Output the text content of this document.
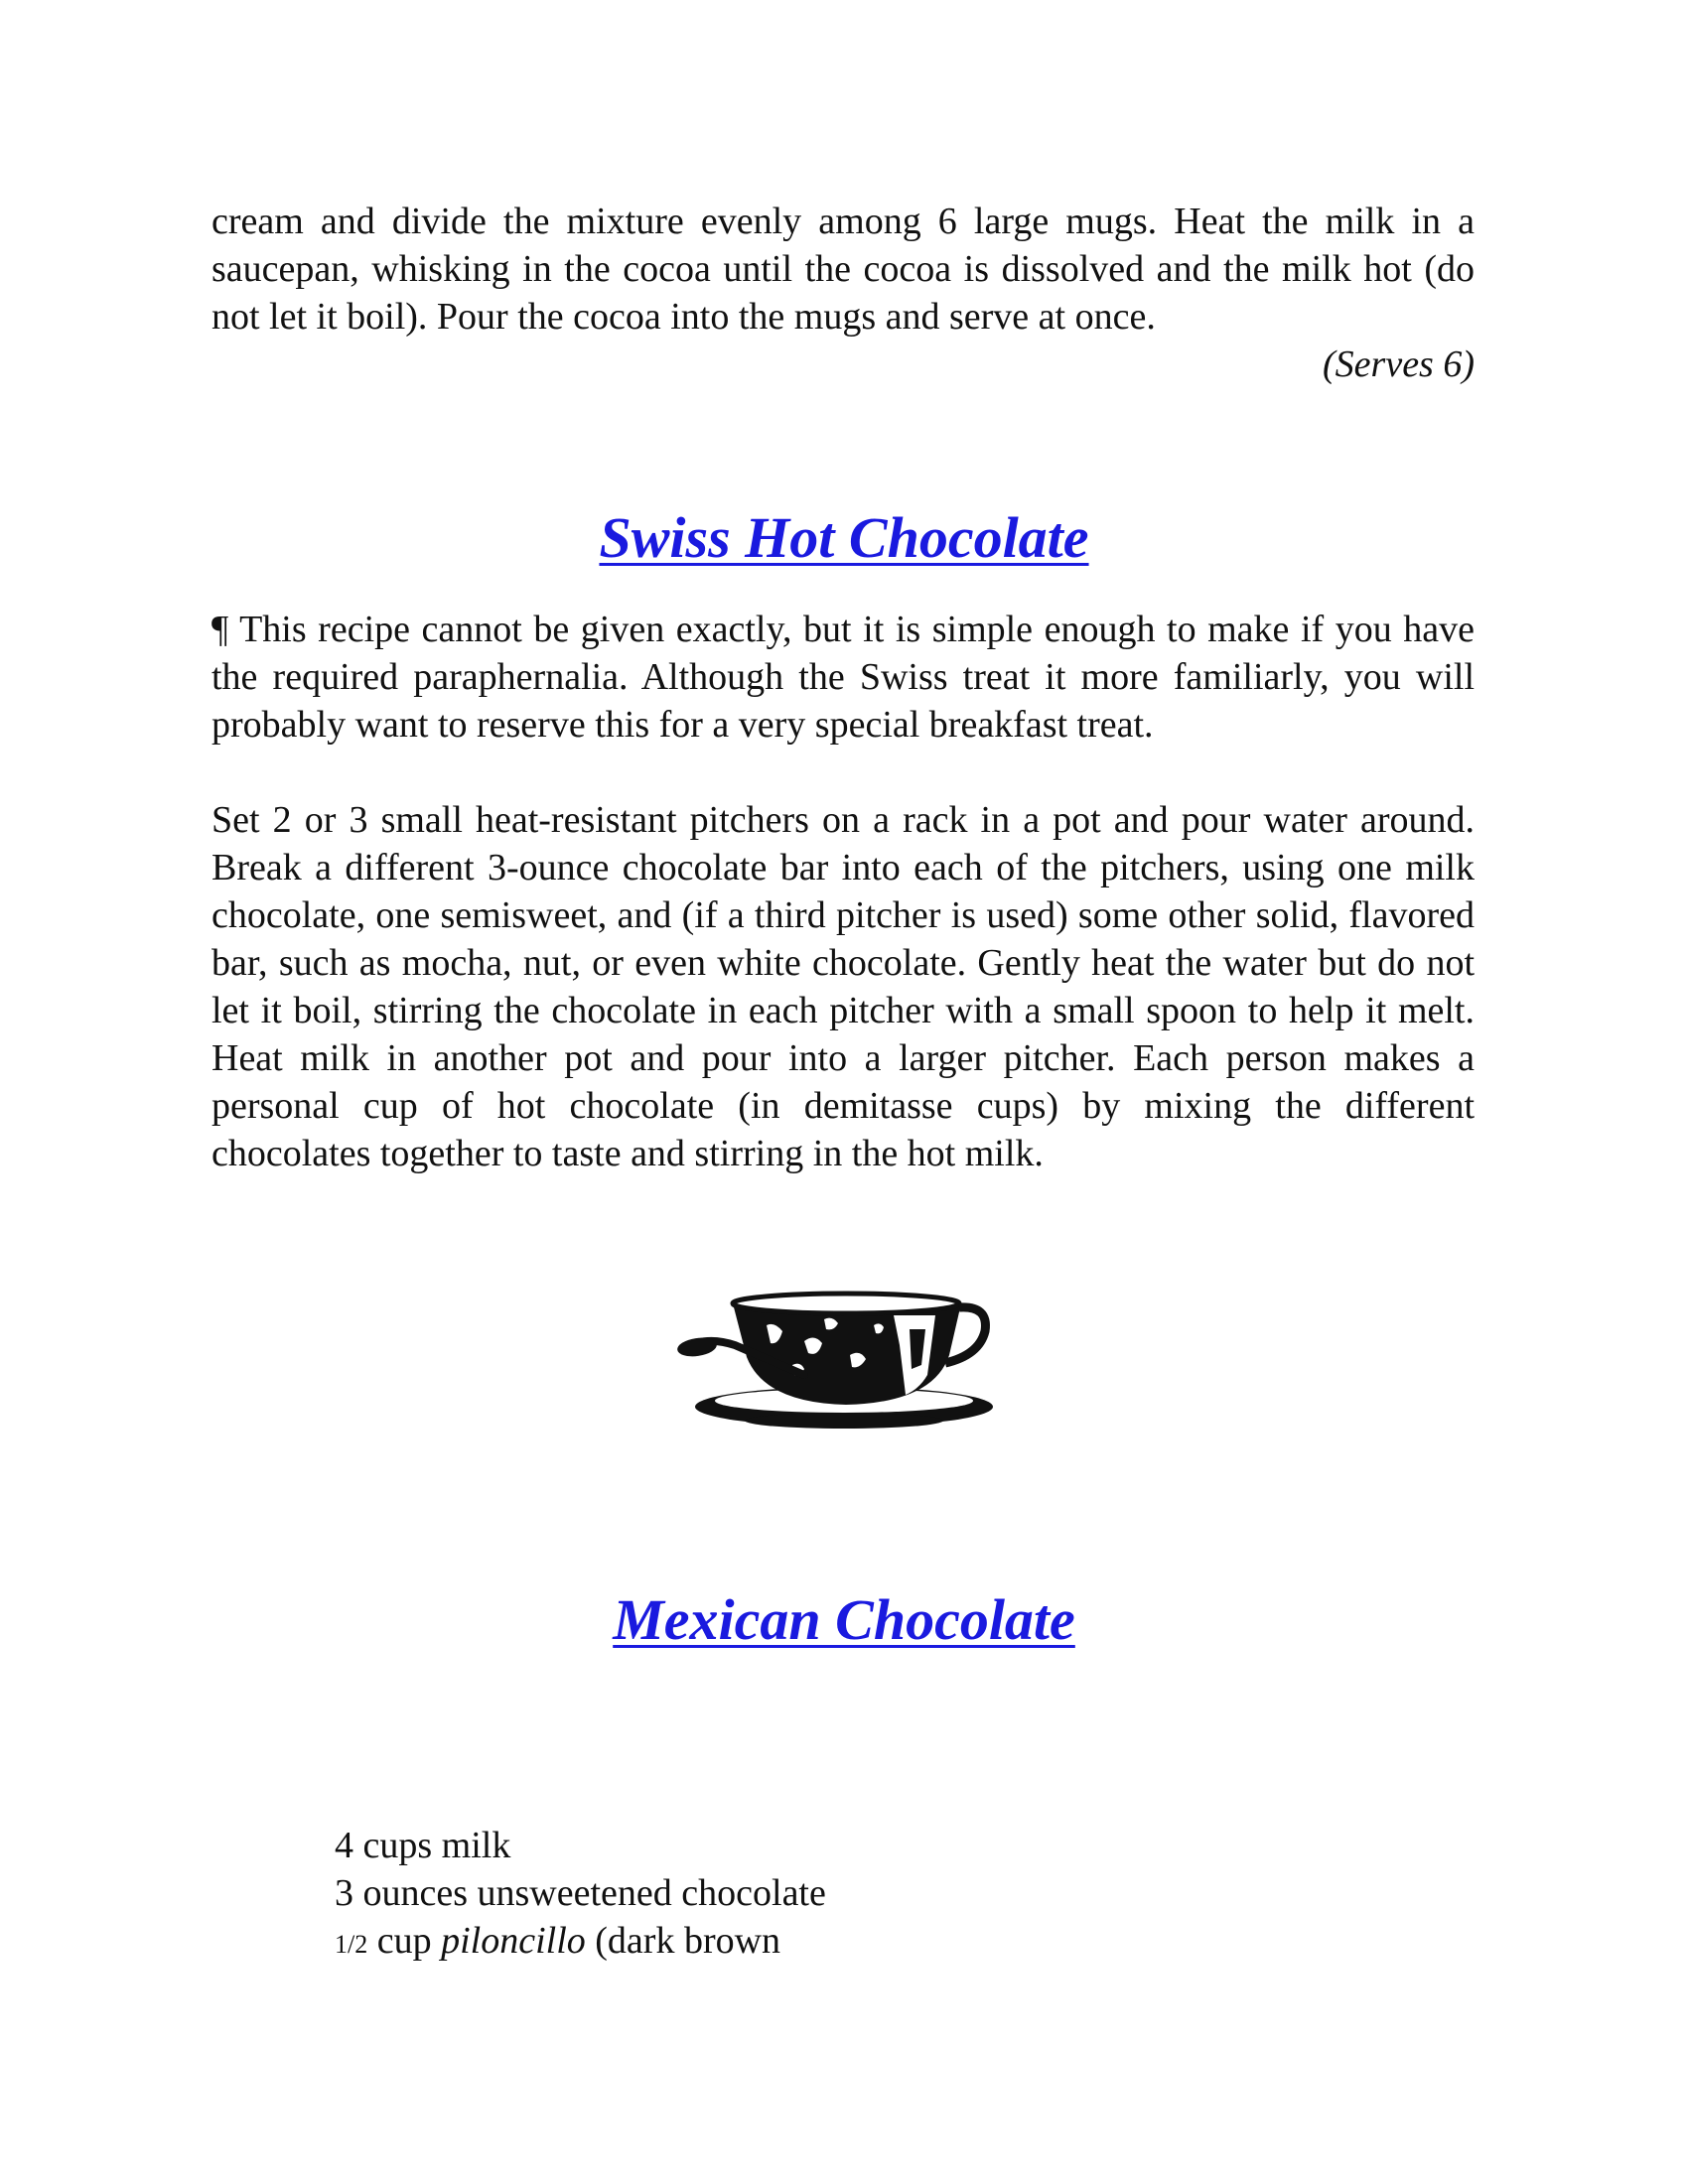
cream and divide the mixture evenly among 6 large mugs. Heat the milk in a saucepan, whisking in the cocoa until the cocoa is dissolved and the milk hot (do not let it boil). Pour the cocoa into the mugs and serve at once.

(Serves 6)

Swiss Hot Chocolate

¶ This recipe cannot be given exactly, but it is simple enough to make if you have the required paraphernalia. Although the Swiss treat it more familiarly, you will probably want to reserve this for a very special breakfast treat.

Set 2 or 3 small heat-resistant pitchers on a rack in a pot and pour water around. Break a different 3-ounce chocolate bar into each of the pitchers, using one milk chocolate, one semisweet, and (if a third pitcher is used) some other solid, flavored bar, such as mocha, nut, or even white chocolate. Gently heat the water but do not let it boil, stirring the chocolate in each pitcher with a small spoon to help it melt. Heat milk in another pot and pour into a larger pitcher. Each person makes a personal cup of hot chocolate (in demitasse cups) by mixing the different chocolates together to taste and stirring in the hot milk.

Mexican Chocolate
4 cups milk
3 ounces unsweetened chocolate
1/2 cup piloncillo (dark brown
